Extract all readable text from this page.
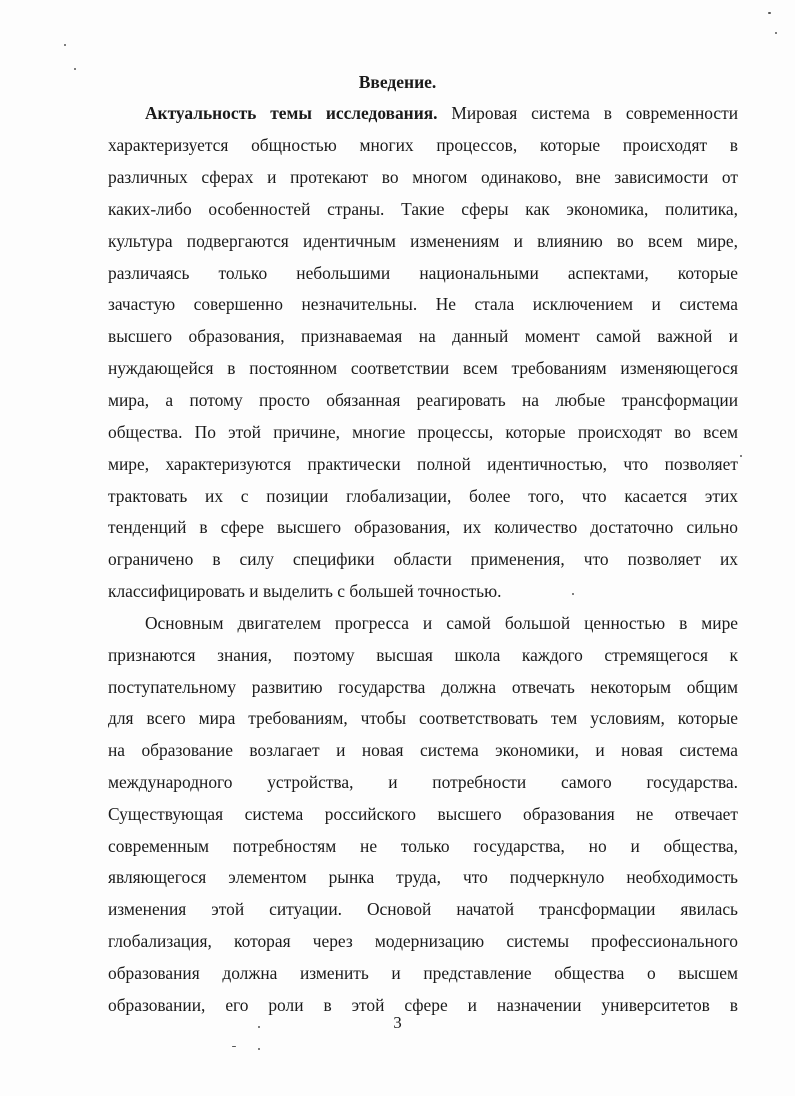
Введение.
Актуальность темы исследования. Мировая система в современности
характеризуется общностью многих процессов, которые происходят в
различных сферах и протекают во многом одинаково, вне зависимости от
каких-либо особенностей страны. Такие сферы как экономика, политика,
культура подвергаются идентичным изменениям и влиянию во всем мире,
различаясь только небольшими национальными аспектами, которые
зачастую совершенно незначительны. Не стала исключением и система
высшего образования, признаваемая на данный момент самой важной и
нуждающейся в постоянном соответствии всем требованиям изменяющегося
мира, а потому просто обязанная реагировать на любые трансформации
общества. По этой причине, многие процессы, которые происходят во всем
мире, характеризуются практически полной идентичностью, что позволяет
трактовать их с позиции глобализации, более того, что касается этих
тенденций в сфере высшего образования, их количество достаточно сильно
ограничено в силу специфики области применения, что позволяет их
классифицировать и выделить с большей точностью.
Основным двигателем прогресса и самой большой ценностью в мире
признаются знания, поэтому высшая школа каждого стремящегося к
поступательному развитию государства должна отвечать некоторым общим
для всего мира требованиям, чтобы соответствовать тем условиям, которые
на образование возлагает и новая система экономики, и новая система
международного устройства, и потребности самого государства.
Существующая система российского высшего образования не отвечает
современным потребностям не только государства, но и общества,
являющегося элементом рынка труда, что подчеркнуло необходимость
изменения этой ситуации. Основой начатой трансформации явилась
глобализация, которая через модернизацию системы профессионального
образования должна изменить и представление общества о высшем
образовании, его роли в этой сфере и назначении университетов в
3
